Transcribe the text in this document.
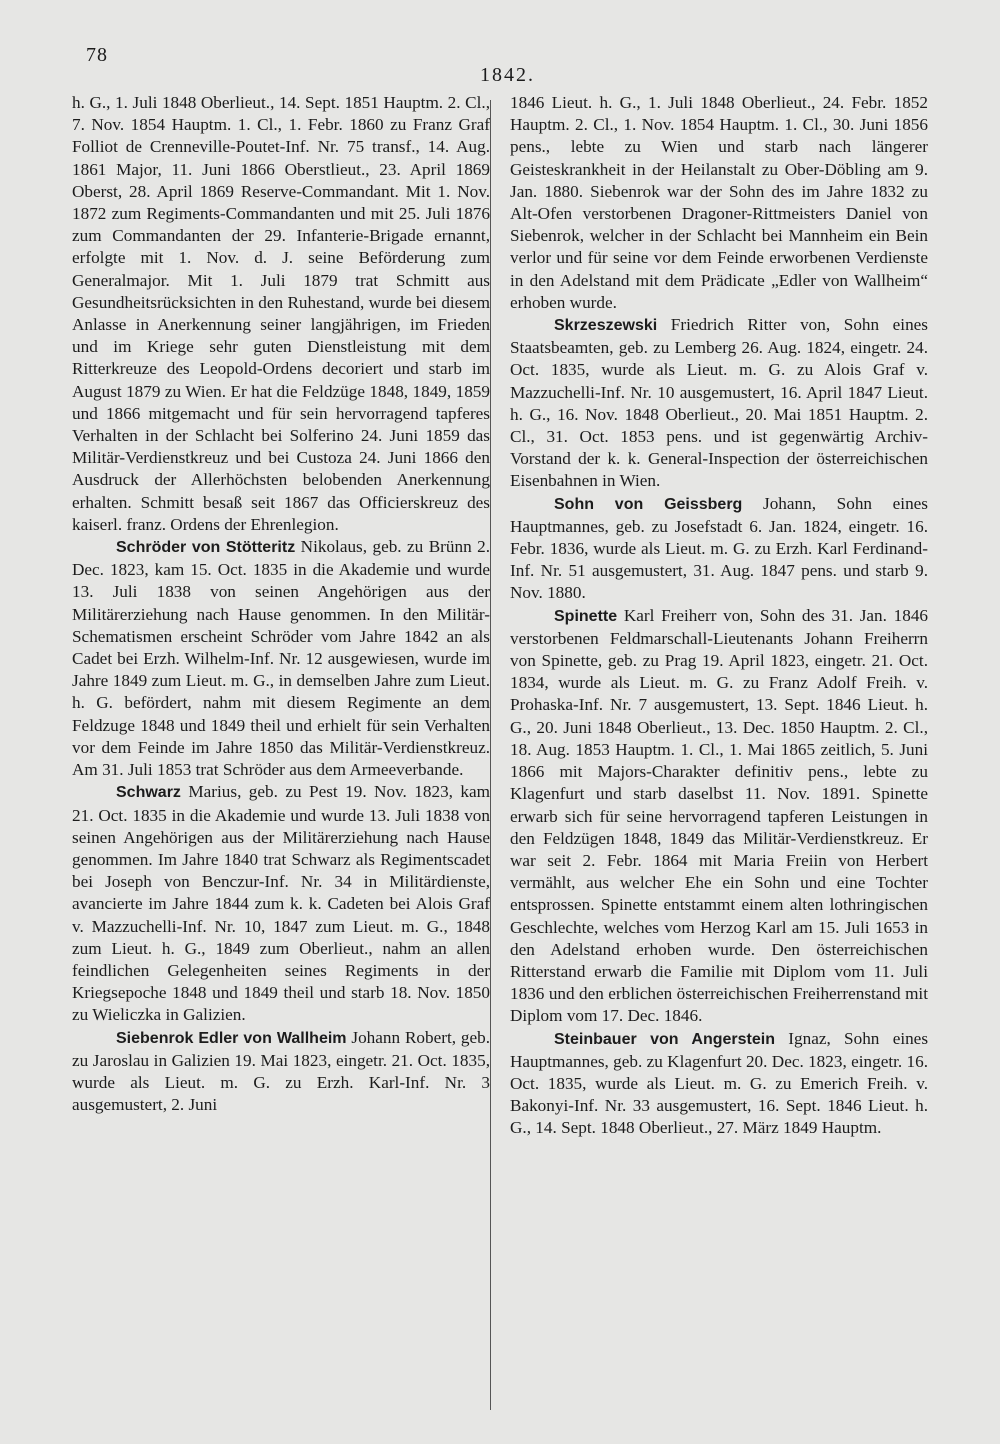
78
1842.

h. G., 1. Juli 1848 Oberlieut., 14. Sept. 1851 Hauptm. 2. Cl., 7. Nov. 1854 Hauptm. 1. Cl., 1. Febr. 1860 zu Franz Graf Folliot de Crenneville-Poutet-Inf. Nr. 75 transf., 14. Aug. 1861 Major, 11. Juni 1866 Oberstlieut., 23. April 1869 Oberst, 28. April 1869 Reserve-Commandant. Mit 1. Nov. 1872 zum Regiments-Commandanten und mit 25. Juli 1876 zum Commandanten der 29. Infanterie-Brigade ernannt, erfolgte mit 1. Nov. d. J. seine Beförderung zum Generalmajor. Mit 1. Juli 1879 trat Schmitt aus Gesundheitsrücksichten in den Ruhestand, wurde bei diesem Anlasse in Anerkennung seiner langjährigen, im Frieden und im Kriege sehr guten Dienstleistung mit dem Ritterkreuze des Leopold-Ordens decoriert und starb im August 1879 zu Wien. Er hat die Feldzüge 1848, 1849, 1859 und 1866 mitgemacht und für sein hervorragend tapferes Verhalten in der Schlacht bei Solferino 24. Juni 1859 das Militär-Verdienstkreuz und bei Custoza 24. Juni 1866 den Ausdruck der Allerhöchsten belobenden Anerkennung erhalten. Schmitt besaß seit 1867 das Officierskreuz des kaiserl. franz. Ordens der Ehrenlegion.

Schröder von Stötteritz Nikolaus, geb. zu Brünn 2. Dec. 1823, kam 15. Oct. 1835 in die Akademie und wurde 13. Juli 1838 von seinen Angehörigen aus der Militärerziehung nach Hause genommen. In den Militär-Schematismen erscheint Schröder vom Jahre 1842 an als Cadet bei Erzh. Wilhelm-Inf. Nr. 12 ausgewiesen, wurde im Jahre 1849 zum Lieut. m. G., in demselben Jahre zum Lieut. h. G. befördert, nahm mit diesem Regimente an dem Feldzuge 1848 und 1849 theil und erhielt für sein Verhalten vor dem Feinde im Jahre 1850 das Militär-Verdienstkreuz. Am 31. Juli 1853 trat Schröder aus dem Armeeverbande.

Schwarz Marius, geb. zu Pest 19. Nov. 1823, kam 21. Oct. 1835 in die Akademie und wurde 13. Juli 1838 von seinen Angehörigen aus der Militärerziehung nach Hause genommen. Im Jahre 1840 trat Schwarz als Regimentscadet bei Joseph von Benczur-Inf. Nr. 34 in Militärdienste, avancierte im Jahre 1844 zum k. k. Cadeten bei Alois Graf v. Mazzuchelli-Inf. Nr. 10, 1847 zum Lieut. m. G., 1848 zum Lieut. h. G., 1849 zum Oberlieut., nahm an allen feindlichen Gelegenheiten seines Regiments in der Kriegsepoche 1848 und 1849 theil und starb 18. Nov. 1850 zu Wieliczka in Galizien.

Siebenrok Edler von Wallheim Johann Robert, geb. zu Jaroslau in Galizien 19. Mai 1823, eingetr. 21. Oct. 1835, wurde als Lieut. m. G. zu Erzh. Karl-Inf. Nr. 3 ausgemustert, 2. Juni

1846 Lieut. h. G., 1. Juli 1848 Oberlieut., 24. Febr. 1852 Hauptm. 2. Cl., 1. Nov. 1854 Hauptm. 1. Cl., 30. Juni 1856 pens., lebte zu Wien und starb nach längerer Geisteskrankheit in der Heilanstalt zu Ober-Döbling am 9. Jan. 1880. Siebenrok war der Sohn des im Jahre 1832 zu Alt-Ofen verstorbenen Dragoner-Rittmeisters Daniel von Siebenrok, welcher in der Schlacht bei Mannheim ein Bein verlor und für seine vor dem Feinde erworbenen Verdienste in den Adelstand mit dem Prädicate „Edler von Wallheim“ erhoben wurde.

Skrzeszewski Friedrich Ritter von, Sohn eines Staatsbeamten, geb. zu Lemberg 26. Aug. 1824, eingetr. 24. Oct. 1835, wurde als Lieut. m. G. zu Alois Graf v. Mazzuchelli-Inf. Nr. 10 ausgemustert, 16. April 1847 Lieut. h. G., 16. Nov. 1848 Oberlieut., 20. Mai 1851 Hauptm. 2. Cl., 31. Oct. 1853 pens. und ist gegenwärtig Archiv-Vorstand der k. k. General-Inspection der österreichischen Eisenbahnen in Wien.

Sohn von Geissberg Johann, Sohn eines Hauptmannes, geb. zu Josefstadt 6. Jan. 1824, eingetr. 16. Febr. 1836, wurde als Lieut. m. G. zu Erzh. Karl Ferdinand-Inf. Nr. 51 ausgemustert, 31. Aug. 1847 pens. und starb 9. Nov. 1880.

Spinette Karl Freiherr von, Sohn des 31. Jan. 1846 verstorbenen Feldmarschall-Lieutenants Johann Freiherrn von Spinette, geb. zu Prag 19. April 1823, eingetr. 21. Oct. 1834, wurde als Lieut. m. G. zu Franz Adolf Freih. v. Prohaska-Inf. Nr. 7 ausgemustert, 13. Sept. 1846 Lieut. h. G., 20. Juni 1848 Oberlieut., 13. Dec. 1850 Hauptm. 2. Cl., 18. Aug. 1853 Hauptm. 1. Cl., 1. Mai 1865 zeitlich, 5. Juni 1866 mit Majors-Charakter definitiv pens., lebte zu Klagenfurt und starb daselbst 11. Nov. 1891. Spinette erwarb sich für seine hervorragend tapferen Leistungen in den Feldzügen 1848, 1849 das Militär-Verdienstkreuz. Er war seit 2. Febr. 1864 mit Maria Freiin von Herbert vermählt, aus welcher Ehe ein Sohn und eine Tochter entsprossen. Spinette entstammt einem alten lothringischen Geschlechte, welches vom Herzog Karl am 15. Juli 1653 in den Adelstand erhoben wurde. Den österreichischen Ritterstand erwarb die Familie mit Diplom vom 11. Juli 1836 und den erblichen österreichischen Freiherrenstand mit Diplom vom 17. Dec. 1846.

Steinbauer von Angerstein Ignaz, Sohn eines Hauptmannes, geb. zu Klagenfurt 20. Dec. 1823, eingetr. 16. Oct. 1835, wurde als Lieut. m. G. zu Emerich Freih. v. Bakonyi-Inf. Nr. 33 ausgemustert, 16. Sept. 1846 Lieut. h. G., 14. Sept. 1848 Oberlieut., 27. März 1849 Hauptm.
